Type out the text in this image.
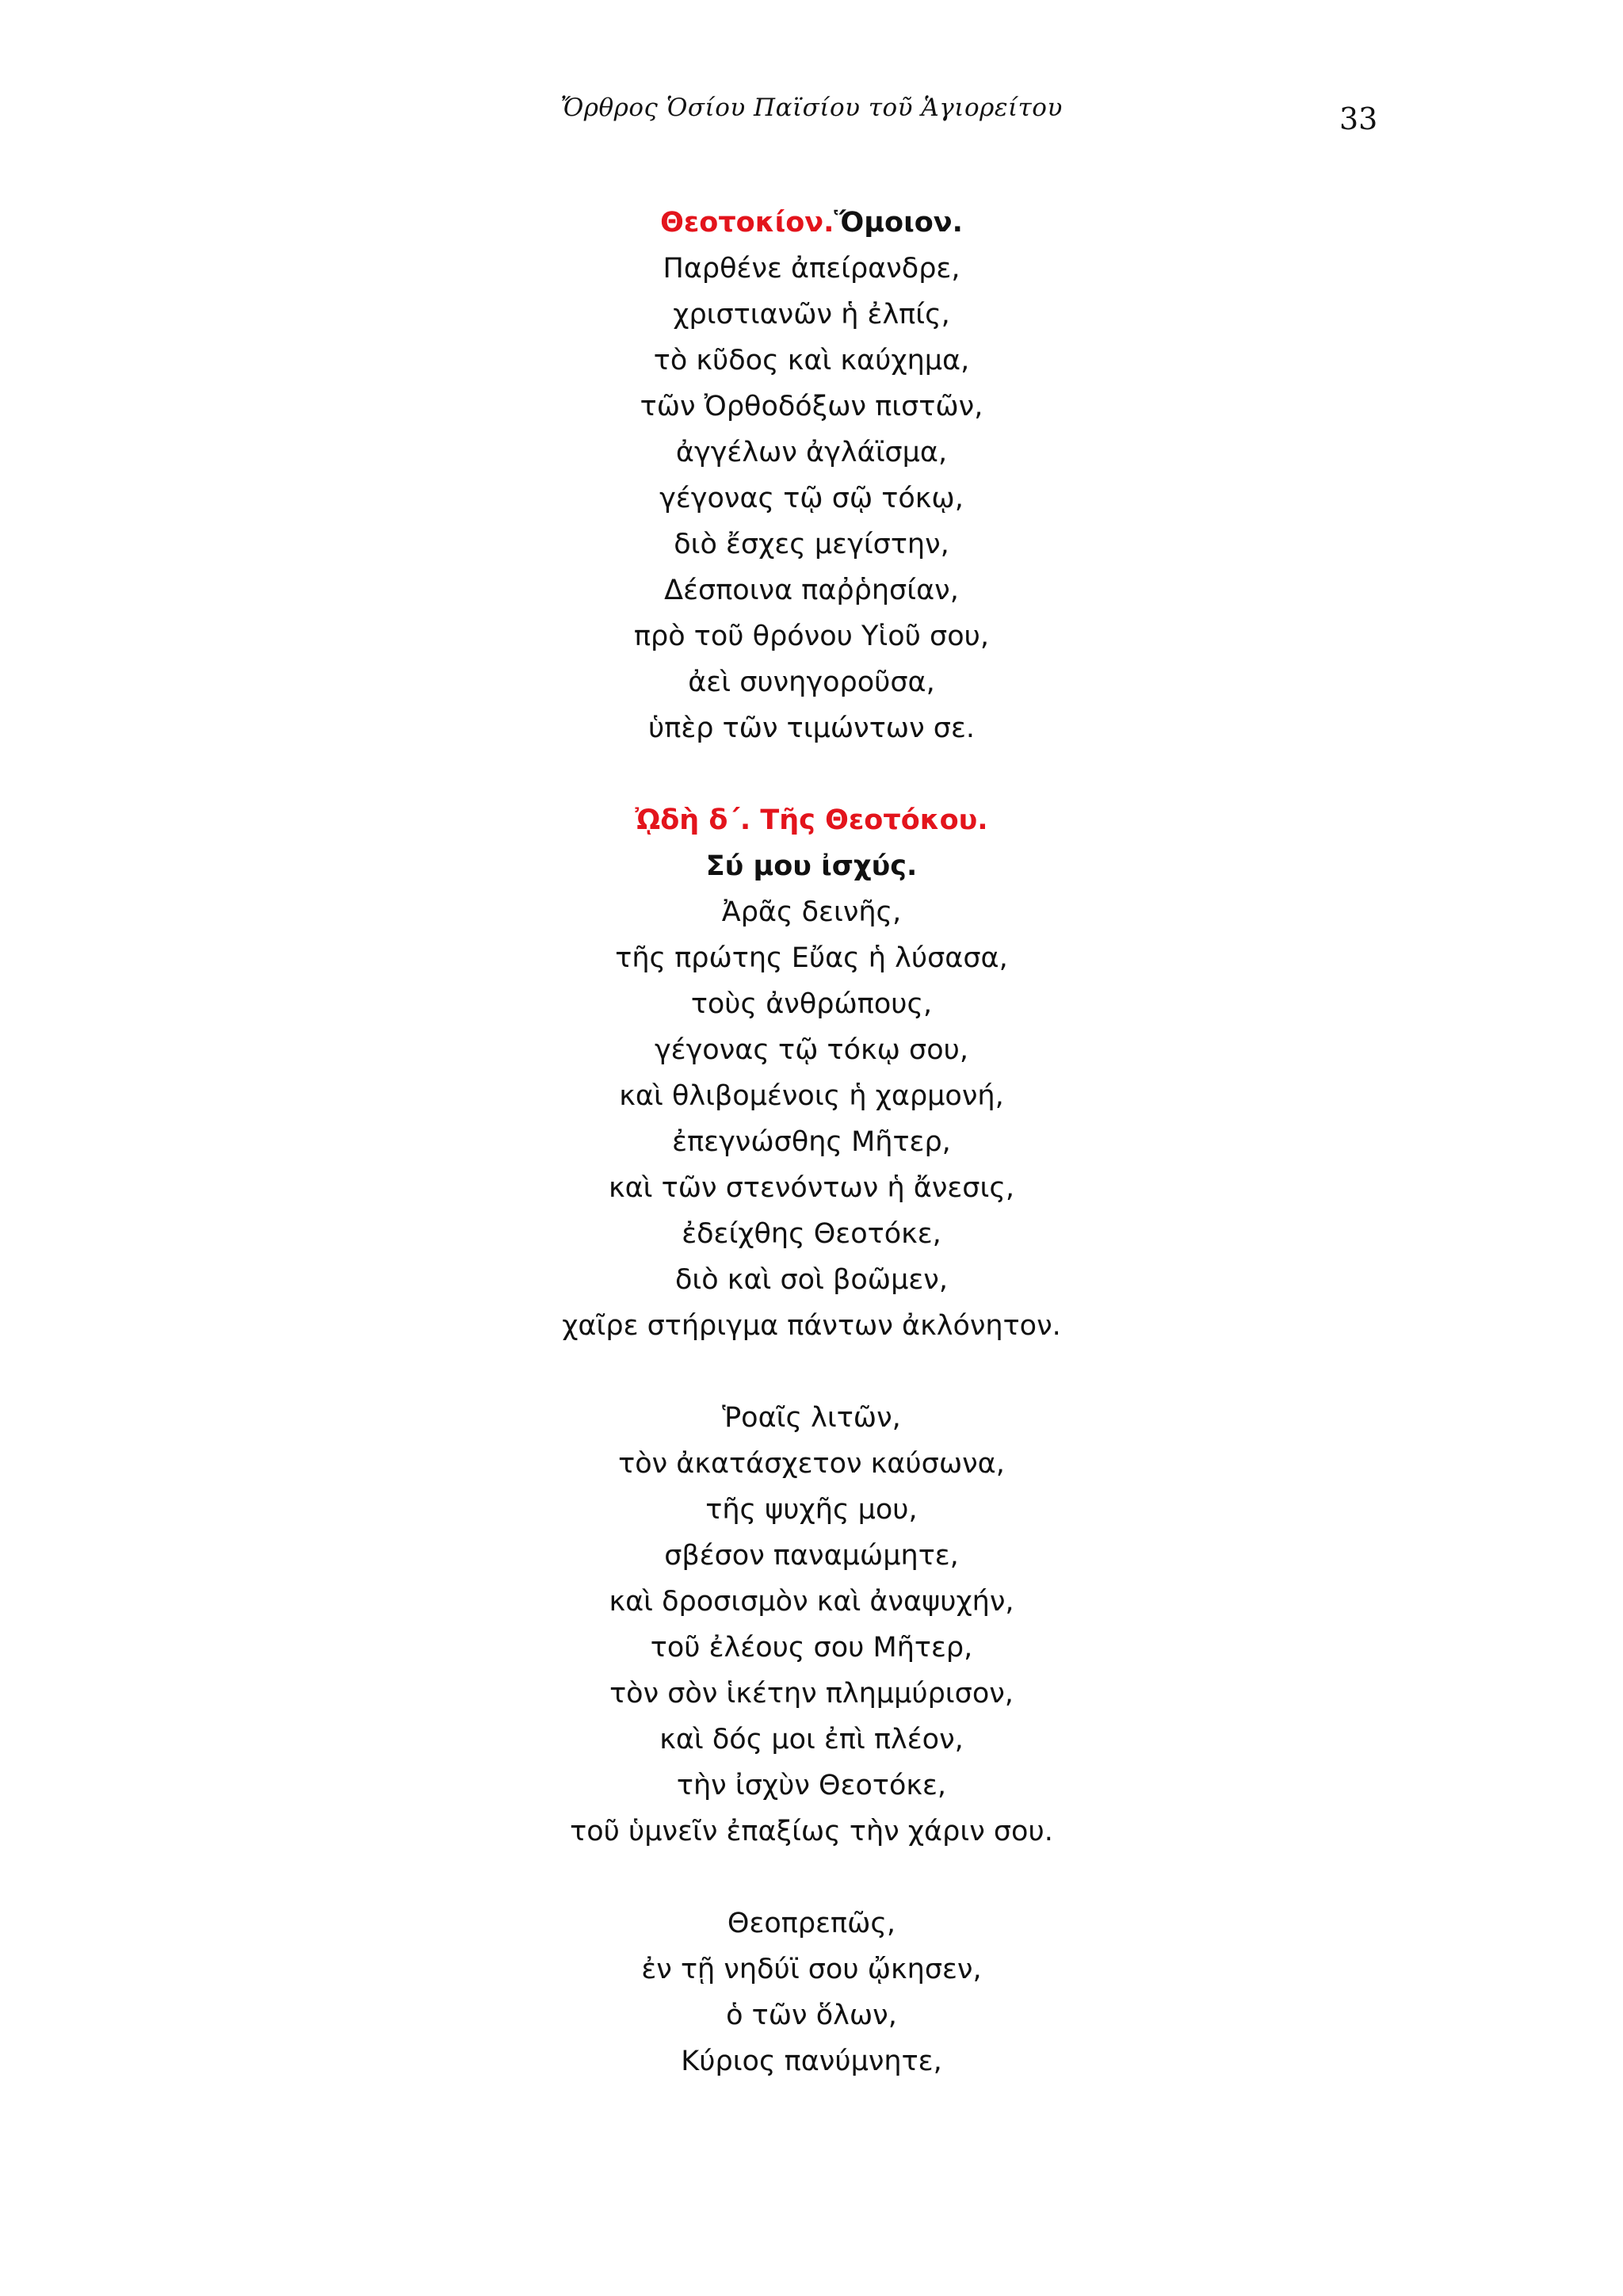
Ὄρθρος Ὁσίου Παϊσίου τοῦ Ἁγιορείτου	33
Θεοτοκίον.Ὅμοιον.
Παρθένε ἀπείρανδρε,
χριστιανῶν ἡ ἐλπίς,
τὸ κῦδος καὶ καύχημα,
τῶν Ὀρθοδόξων πιστῶν,
ἀγγέλων ἀγλάϊσμα,
γέγονας τῷ σῷ τόκῳ,
διὸ ἔσχες μεγίστην,
Δέσποινα παῤῥησίαν,
πρὸ τοῦ θρόνου Υἱοῦ σου,
ἀεὶ συνηγοροῦσα,
ὑπὲρ τῶν τιμώντων σε.
ᾨδὴ δ΄. Τῆς Θεοτόκου.
Σύ μου ἰσχύς.
Ἀρᾶς δεινῆς,
τῆς πρώτης Εὔας ἡ λύσασα,
τοὺς ἀνθρώπους,
γέγονας τῷ τόκῳ σου,
καὶ θλιβομένοις ἡ χαρμονή,
ἐπεγνώσθης Μῆτερ,
καὶ τῶν στενόντων ἡ ἄνεσις,
ἐδείχθης Θεοτόκε,
διὸ καὶ σοὶ βοῶμεν,
χαῖρε στήριγμα πάντων ἀκλόνητον.
Ῥοαῖς λιτῶν,
τὸν ἀκατάσχετον καύσωνα,
τῆς ψυχῆς μου,
σβέσον παναμώμητε,
καὶ δροσισμὸν καὶ ἀναψυχήν,
τοῦ ἐλέους σου Μῆτερ,
τὸν σὸν ἱκέτην πλημμύρισον,
καὶ δός μοι ἐπὶ πλέον,
τὴν ἰσχὺν Θεοτόκε,
τοῦ ὑμνεῖν ἐπαξίως τὴν χάριν σου.
Θεοπρεπῶς,
ἐν τῇ νηδύϊ σου ᾤκησεν,
ὁ τῶν ὅλων,
Κύριος πανύμνητε,
